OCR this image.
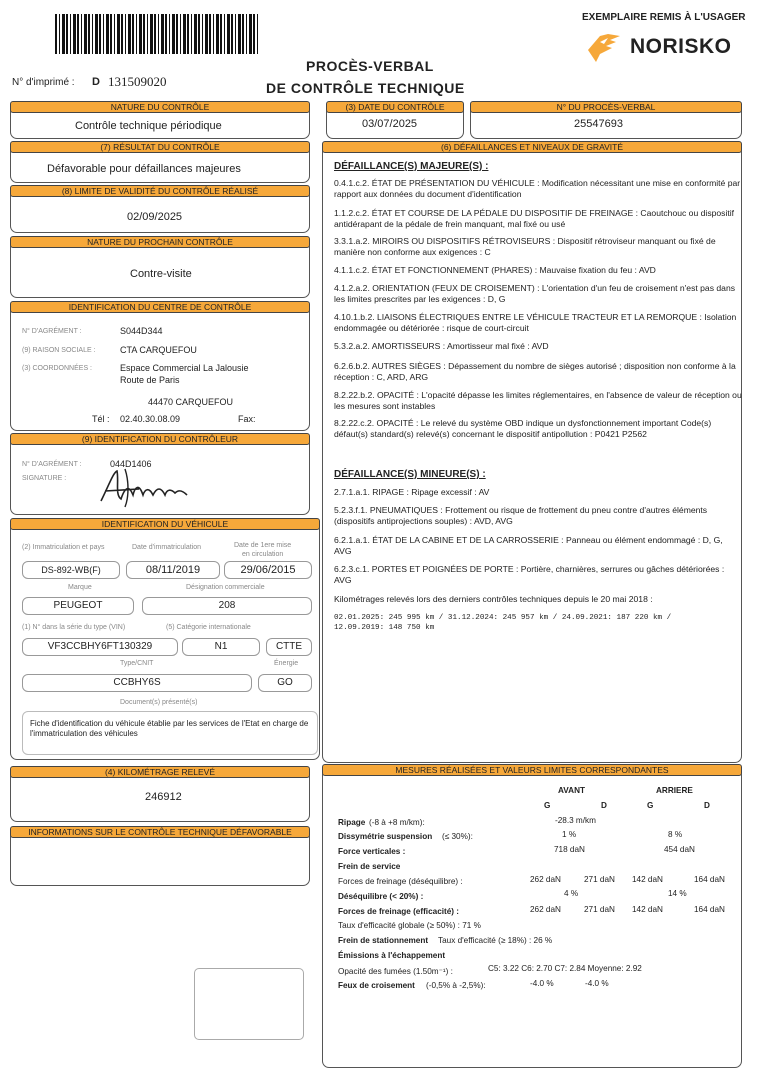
EXEMPLAIRE REMIS À L'USAGER
NORISKO
PROCÈS-VERBAL
DE CONTRÔLE TECHNIQUE
N° d'imprimé : D 131509020
NATURE DU CONTRÔLE
Contrôle technique périodique
(3) DATE DU CONTRÔLE
03/07/2025
N° DU PROCÈS-VERBAL
25547693
(7) RÉSULTAT DU CONTRÔLE
Défavorable pour défaillances majeures
(8) LIMITE DE VALIDITÉ DU CONTRÔLE RÉALISÉ
02/09/2025
NATURE DU PROCHAIN CONTRÔLE
Contre-visite
IDENTIFICATION DU CENTRE DE CONTRÔLE
N° D'AGRÉMENT :	S044D344
(9) RAISON SOCIALE :	CTA CARQUEFOU
(3) COORDONNÉES :	Espace Commercial La Jalousie
Route de Paris
44470 CARQUEFOU
Tél : 02.40.30.08.09	Fax:
(9) IDENTIFICATION DU CONTRÔLEUR
N° D'AGRÉMENT :	044D1406
SIGNATURE :
IDENTIFICATION DU VÉHICULE
(2) Immatriculation et pays	Date d'immatriculation	Date de 1ere mise
en circulation
DS-892-WB(F)	08/11/2019	29/06/2015
Marque	Désignation commerciale
PEUGEOT	208
(1) N° dans la série du type (VIN)	(5) Catégorie internationale
VF3CCBHY6FT130329	N1	CTTE
Type/CNIT	Énergie
CCBHY6S	GO
Document(s) présenté(s)
Fiche d'identification du véhicule établie par les services de l'Etat en charge de l'immatriculation des véhicules
(4) KILOMÉTRAGE RELEVÉ
246912
INFORMATIONS SUR LE CONTRÔLE TECHNIQUE DÉFAVORABLE
(6) DÉFAILLANCES ET NIVEAUX DE GRAVITÉ
DÉFAILLANCE(S) MAJEURE(S) :
0.4.1.c.2. ÉTAT DE PRÉSENTATION DU VÉHICULE : Modification nécessitant une mise en conformité par rapport aux données du document d'identification
1.1.2.c.2. ÉTAT ET COURSE DE LA PÉDALE DU DISPOSITIF DE FREINAGE : Caoutchouc ou dispositif antidérapant de la pédale de frein manquant, mal fixé ou usé
3.3.1.a.2. MIROIRS OU DISPOSITIFS RÉTROVISEURS : Dispositif rétroviseur manquant ou fixé de manière non conforme aux exigences : C
4.1.1.c.2. ÉTAT ET FONCTIONNEMENT (PHARES) : Mauvaise fixation du feu : AVD
4.1.2.a.2. ORIENTATION (FEUX DE CROISEMENT) : L'orientation d'un feu de croisement n'est pas dans les limites prescrites par les exigences : D, G
4.10.1.b.2. LIAISONS ÉLECTRIQUES ENTRE LE VÉHICULE TRACTEUR ET LA REMORQUE : Isolation endommagée ou détériorée : risque de court-circuit
5.3.2.a.2. AMORTISSEURS : Amortisseur mal fixé : AVD
6.2.6.b.2. AUTRES SIÈGES : Dépassement du nombre de sièges autorisé ; disposition non conforme à la réception : C, ARD, ARG
8.2.22.b.2. OPACITÉ : L'opacité dépasse les limites réglementaires, en l'absence de valeur de réception ou les mesures sont instables
8.2.22.c.2. OPACITÉ : Le relevé du système OBD indique un dysfonctionnement important Code(s) défaut(s) standard(s) relevé(s) concernant le dispositif antipollution : P0421 P2562
DÉFAILLANCE(S) MINEURE(S) :
2.7.1.a.1. RIPAGE : Ripage excessif : AV
5.2.3.f.1. PNEUMATIQUES : Frottement ou risque de frottement du pneu contre d'autres éléments (dispositifs antiprojections souples) : AVD, AVG
6.2.1.a.1. ÉTAT DE LA CABINE ET DE LA CARROSSERIE : Panneau ou élément endommagé : D, G, AVG
6.2.3.c.1. PORTES ET POIGNÉES DE PORTE : Portière, charnières, serrures ou gâches détériorées : AVG
Kilométrages relevés lors des derniers contrôles techniques depuis le 20 mai 2018 :
02.01.2025: 245 995 km / 31.12.2024: 245 957 km / 24.09.2021: 187 220 km /
12.09.2019: 148 750 km
MESURES RÉALISÉES ET VALEURS LIMITES CORRESPONDANTES
AVANT	ARRIERE
G	D	G	D
Ripage (-8 à +8 m/km):	-28.3 m/km
Dissymétrie suspension (≤ 30%):	1 %	8 %
Force verticales :	718 daN	454 daN
Frein de service
Forces de freinage (déséquilibre) :	262 daN	271 daN 142 daN	164 daN
Déséquilibre (< 20%) :	4 %	14 %
Forces de freinage (efficacité) :	262 daN	271 daN 142 daN	164 daN
Taux d'efficacité globale (≥ 50%) : 71 %
Frein de stationnement Taux d'efficacité (≥ 18%) : 26 %
Émissions à l'échappement
Opacité des fumées (1.50m⁻¹) :	C5: 3.22 C6: 2.70 C7: 2.84 Moyenne: 2.92
Feux de croisement (-0,5% à -2,5%):	-4.0 %	-4.0 %
